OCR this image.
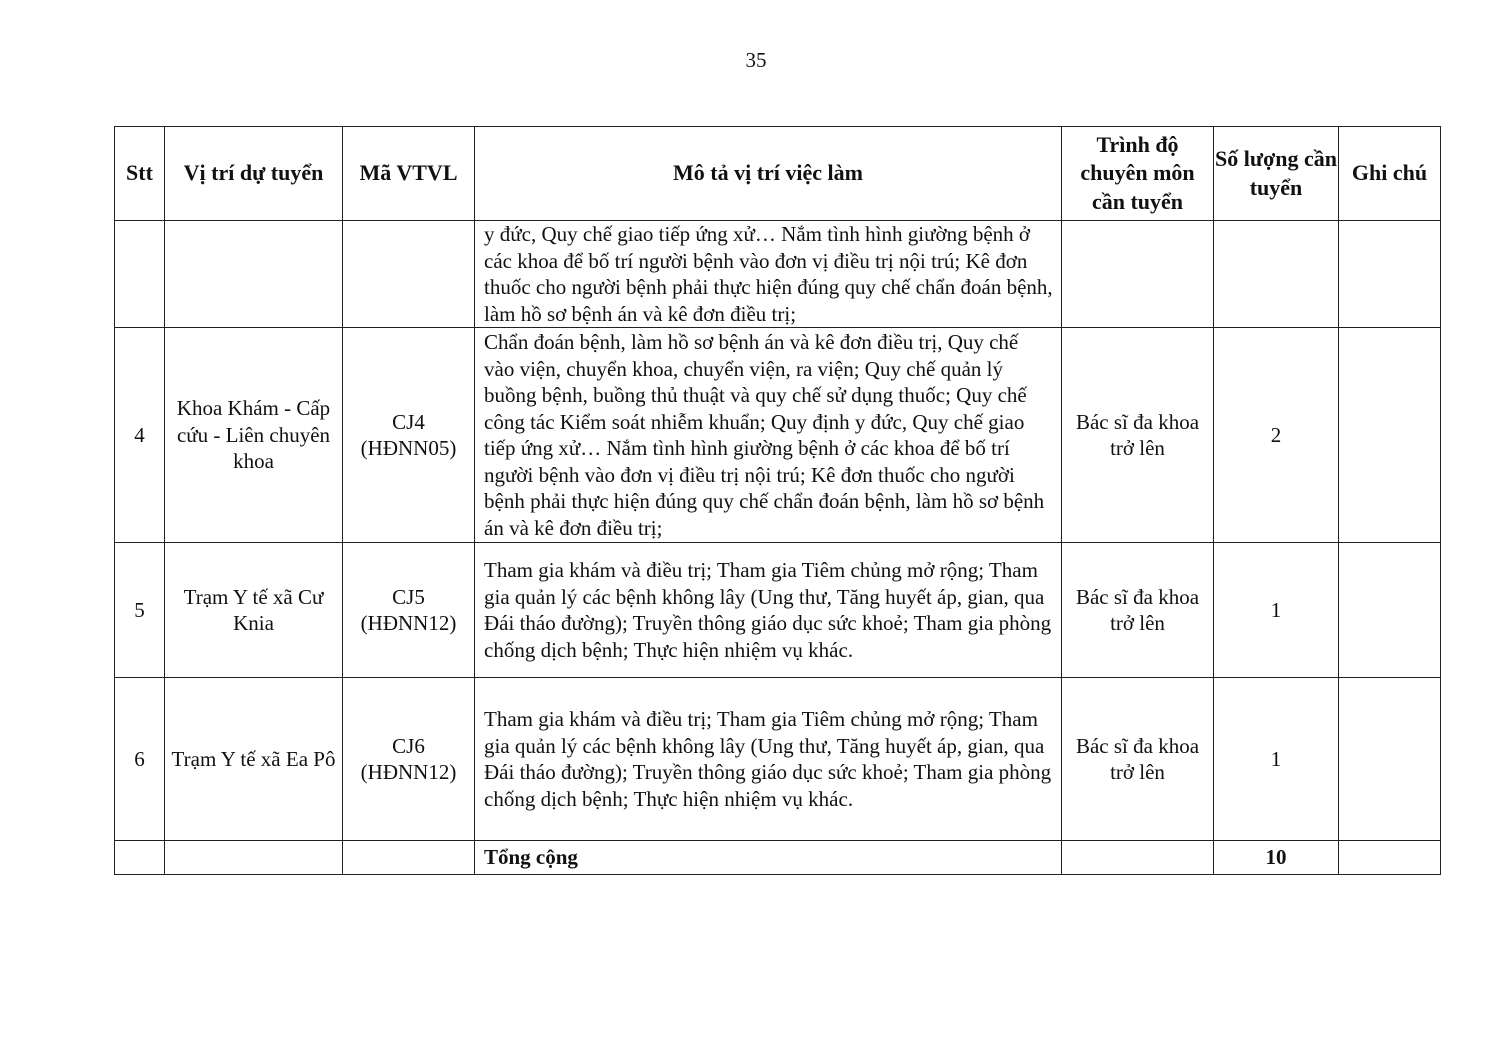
35
Stt	Vị trí dự tuyển	Mã VTVL	Mô tả vị trí việc làm	Trình độ chuyên môn cần tuyển	Số lượng cần tuyển	Ghi chú
			y đức, Quy chế giao tiếp ứng xử… Nắm tình hình giường bệnh ở các khoa để bố trí người bệnh vào đơn vị điều trị nội trú; Kê đơn thuốc cho người bệnh phải thực hiện đúng quy chế chẩn đoán bệnh, làm hồ sơ bệnh án và kê đơn điều trị;			
4	Khoa Khám - Cấp cứu - Liên chuyên khoa	CJ4 (HĐNN05)	Chẩn đoán bệnh, làm hồ sơ bệnh án và kê đơn điều trị, Quy chế vào viện, chuyển khoa, chuyển viện, ra viện; Quy chế quản lý buồng bệnh, buồng thủ thuật và quy chế sử dụng thuốc; Quy chế công tác Kiểm soát nhiễm khuẩn; Quy định y đức, Quy chế giao tiếp ứng xử… Nắm tình hình giường bệnh ở các khoa để bố trí người bệnh vào đơn vị điều trị nội trú; Kê đơn thuốc cho người bệnh phải thực hiện đúng quy chế chẩn đoán bệnh, làm hồ sơ bệnh án và kê đơn điều trị;	Bác sĩ đa khoa trở lên	2	
5	Trạm Y tế xã Cư Knia	CJ5 (HĐNN12)	Tham gia khám và điều trị; Tham gia Tiêm chủng mở rộng; Tham gia quản lý các bệnh không lây (Ung thư, Tăng huyết áp, gian, qua Đái tháo đường); Truyền thông giáo dục sức khoẻ; Tham gia phòng chống dịch bệnh; Thực hiện nhiệm vụ khác.	Bác sĩ đa khoa trở lên	1	
6	Trạm Y tế xã Ea Pô	CJ6 (HĐNN12)	Tham gia khám và điều trị; Tham gia Tiêm chủng mở rộng; Tham gia quản lý các bệnh không lây (Ung thư, Tăng huyết áp, gian, qua Đái tháo đường); Truyền thông giáo dục sức khoẻ; Tham gia phòng chống dịch bệnh; Thực hiện nhiệm vụ khác.	Bác sĩ đa khoa trở lên	1	
			Tổng cộng		10	
